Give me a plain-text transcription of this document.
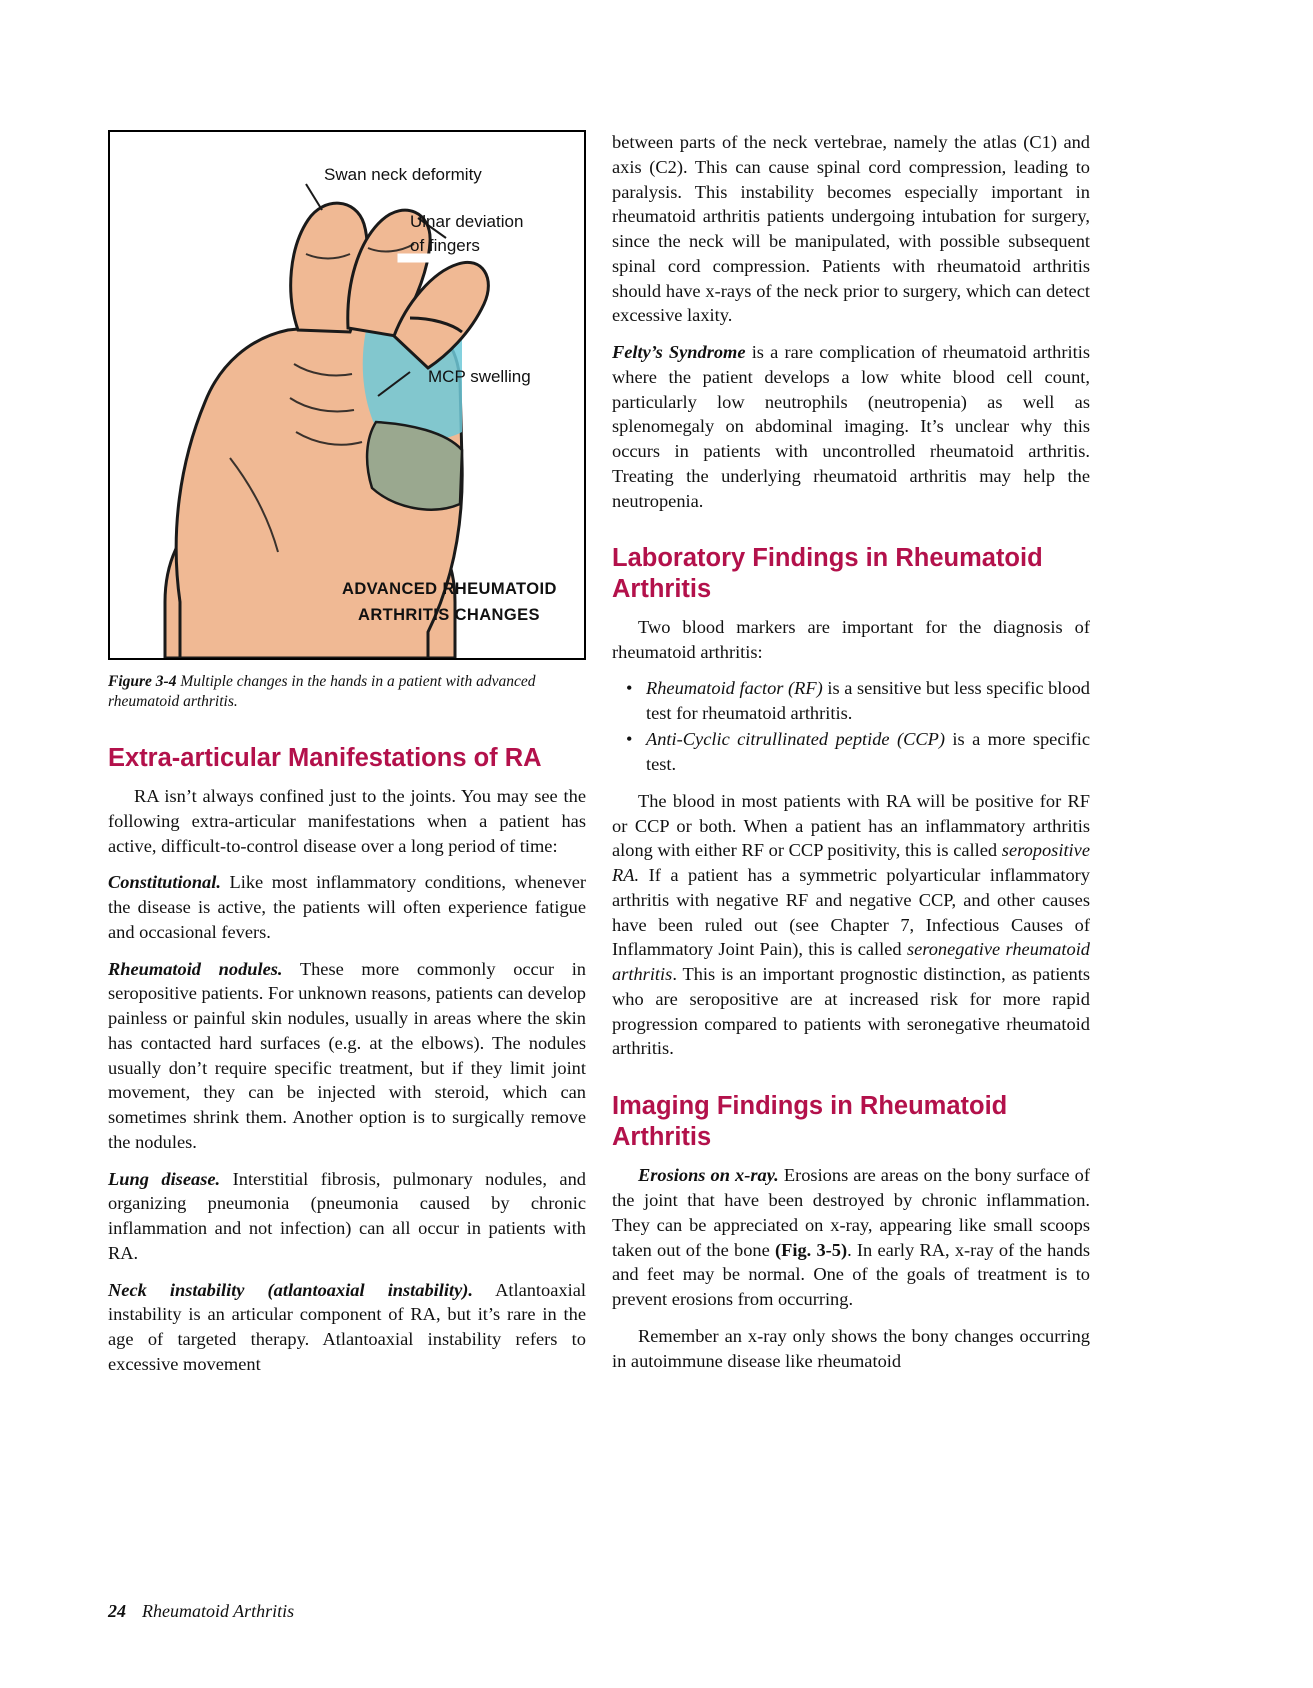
Swan neck deformity
Ulnar deviation
of fingers
MCP swelling
ADVANCED RHEUMATOID
ARTHRITIS CHANGES
Figure 3-4 Multiple changes in the hands in a patient with advanced rheumatoid arthritis.
Extra-articular Manifestations of RA

RA isn’t always confined just to the joints. You may see the following extra-articular manifestations when a patient has active, difficult-to-control disease over a long period of time:

Constitutional. Like most inflammatory conditions, whenever the disease is active, the patients will often experience fatigue and occasional fevers.

Rheumatoid nodules. These more commonly occur in seropositive patients. For unknown reasons, patients can develop painless or painful skin nodules, usually in areas where the skin has contacted hard surfaces (e.g. at the elbows). The nodules usually don’t require specific treatment, but if they limit joint movement, they can be injected with steroid, which can sometimes shrink them. Another option is to surgically remove the nodules.

Lung disease. Interstitial fibrosis, pulmonary nodules, and organizing pneumonia (pneumonia caused by chronic inflammation and not infection) can all occur in patients with RA.

Neck instability (atlantoaxial instability). Atlantoaxial instability is an articular component of RA, but it’s rare in the age of targeted therapy. Atlantoaxial instability refers to excessive movement

between parts of the neck vertebrae, namely the atlas (C1) and axis (C2). This can cause spinal cord compression, leading to paralysis. This instability becomes especially important in rheumatoid arthritis patients undergoing intubation for surgery, since the neck will be manipulated, with possible subsequent spinal cord compression. Patients with rheumatoid arthritis should have x-rays of the neck prior to surgery, which can detect excessive laxity.

Felty’s Syndrome is a rare complication of rheumatoid arthritis where the patient develops a low white blood cell count, particularly low neutrophils (neutropenia) as well as splenomegaly on abdominal imaging. It’s unclear why this occurs in patients with uncontrolled rheumatoid arthritis. Treating the underlying rheumatoid arthritis may help the neutropenia.

Laboratory Findings in Rheumatoid Arthritis

Two blood markers are important for the diagnosis of rheumatoid arthritis:

• Rheumatoid factor (RF) is a sensitive but less specific blood test for rheumatoid arthritis.
• Anti-Cyclic citrullinated peptide (CCP) is a more specific test.

The blood in most patients with RA will be positive for RF or CCP or both. When a patient has an inflammatory arthritis along with either RF or CCP positivity, this is called seropositive RA. If a patient has a symmetric polyarticular inflammatory arthritis with negative RF and negative CCP, and other causes have been ruled out (see Chapter 7, Infectious Causes of Inflammatory Joint Pain), this is called seronegative rheumatoid arthritis. This is an important prognostic distinction, as patients who are seropositive are at increased risk for more rapid progression compared to patients with seronegative rheumatoid arthritis.

Imaging Findings in Rheumatoid Arthritis

Erosions on x-ray. Erosions are areas on the bony surface of the joint that have been destroyed by chronic inflammation. They can be appreciated on x-ray, appearing like small scoops taken out of the bone (Fig. 3-5). In early RA, x-ray of the hands and feet may be normal. One of the goals of treatment is to prevent erosions from occurring.

Remember an x-ray only shows the bony changes occurring in autoimmune disease like rheumatoid

24 Rheumatoid Arthritis
